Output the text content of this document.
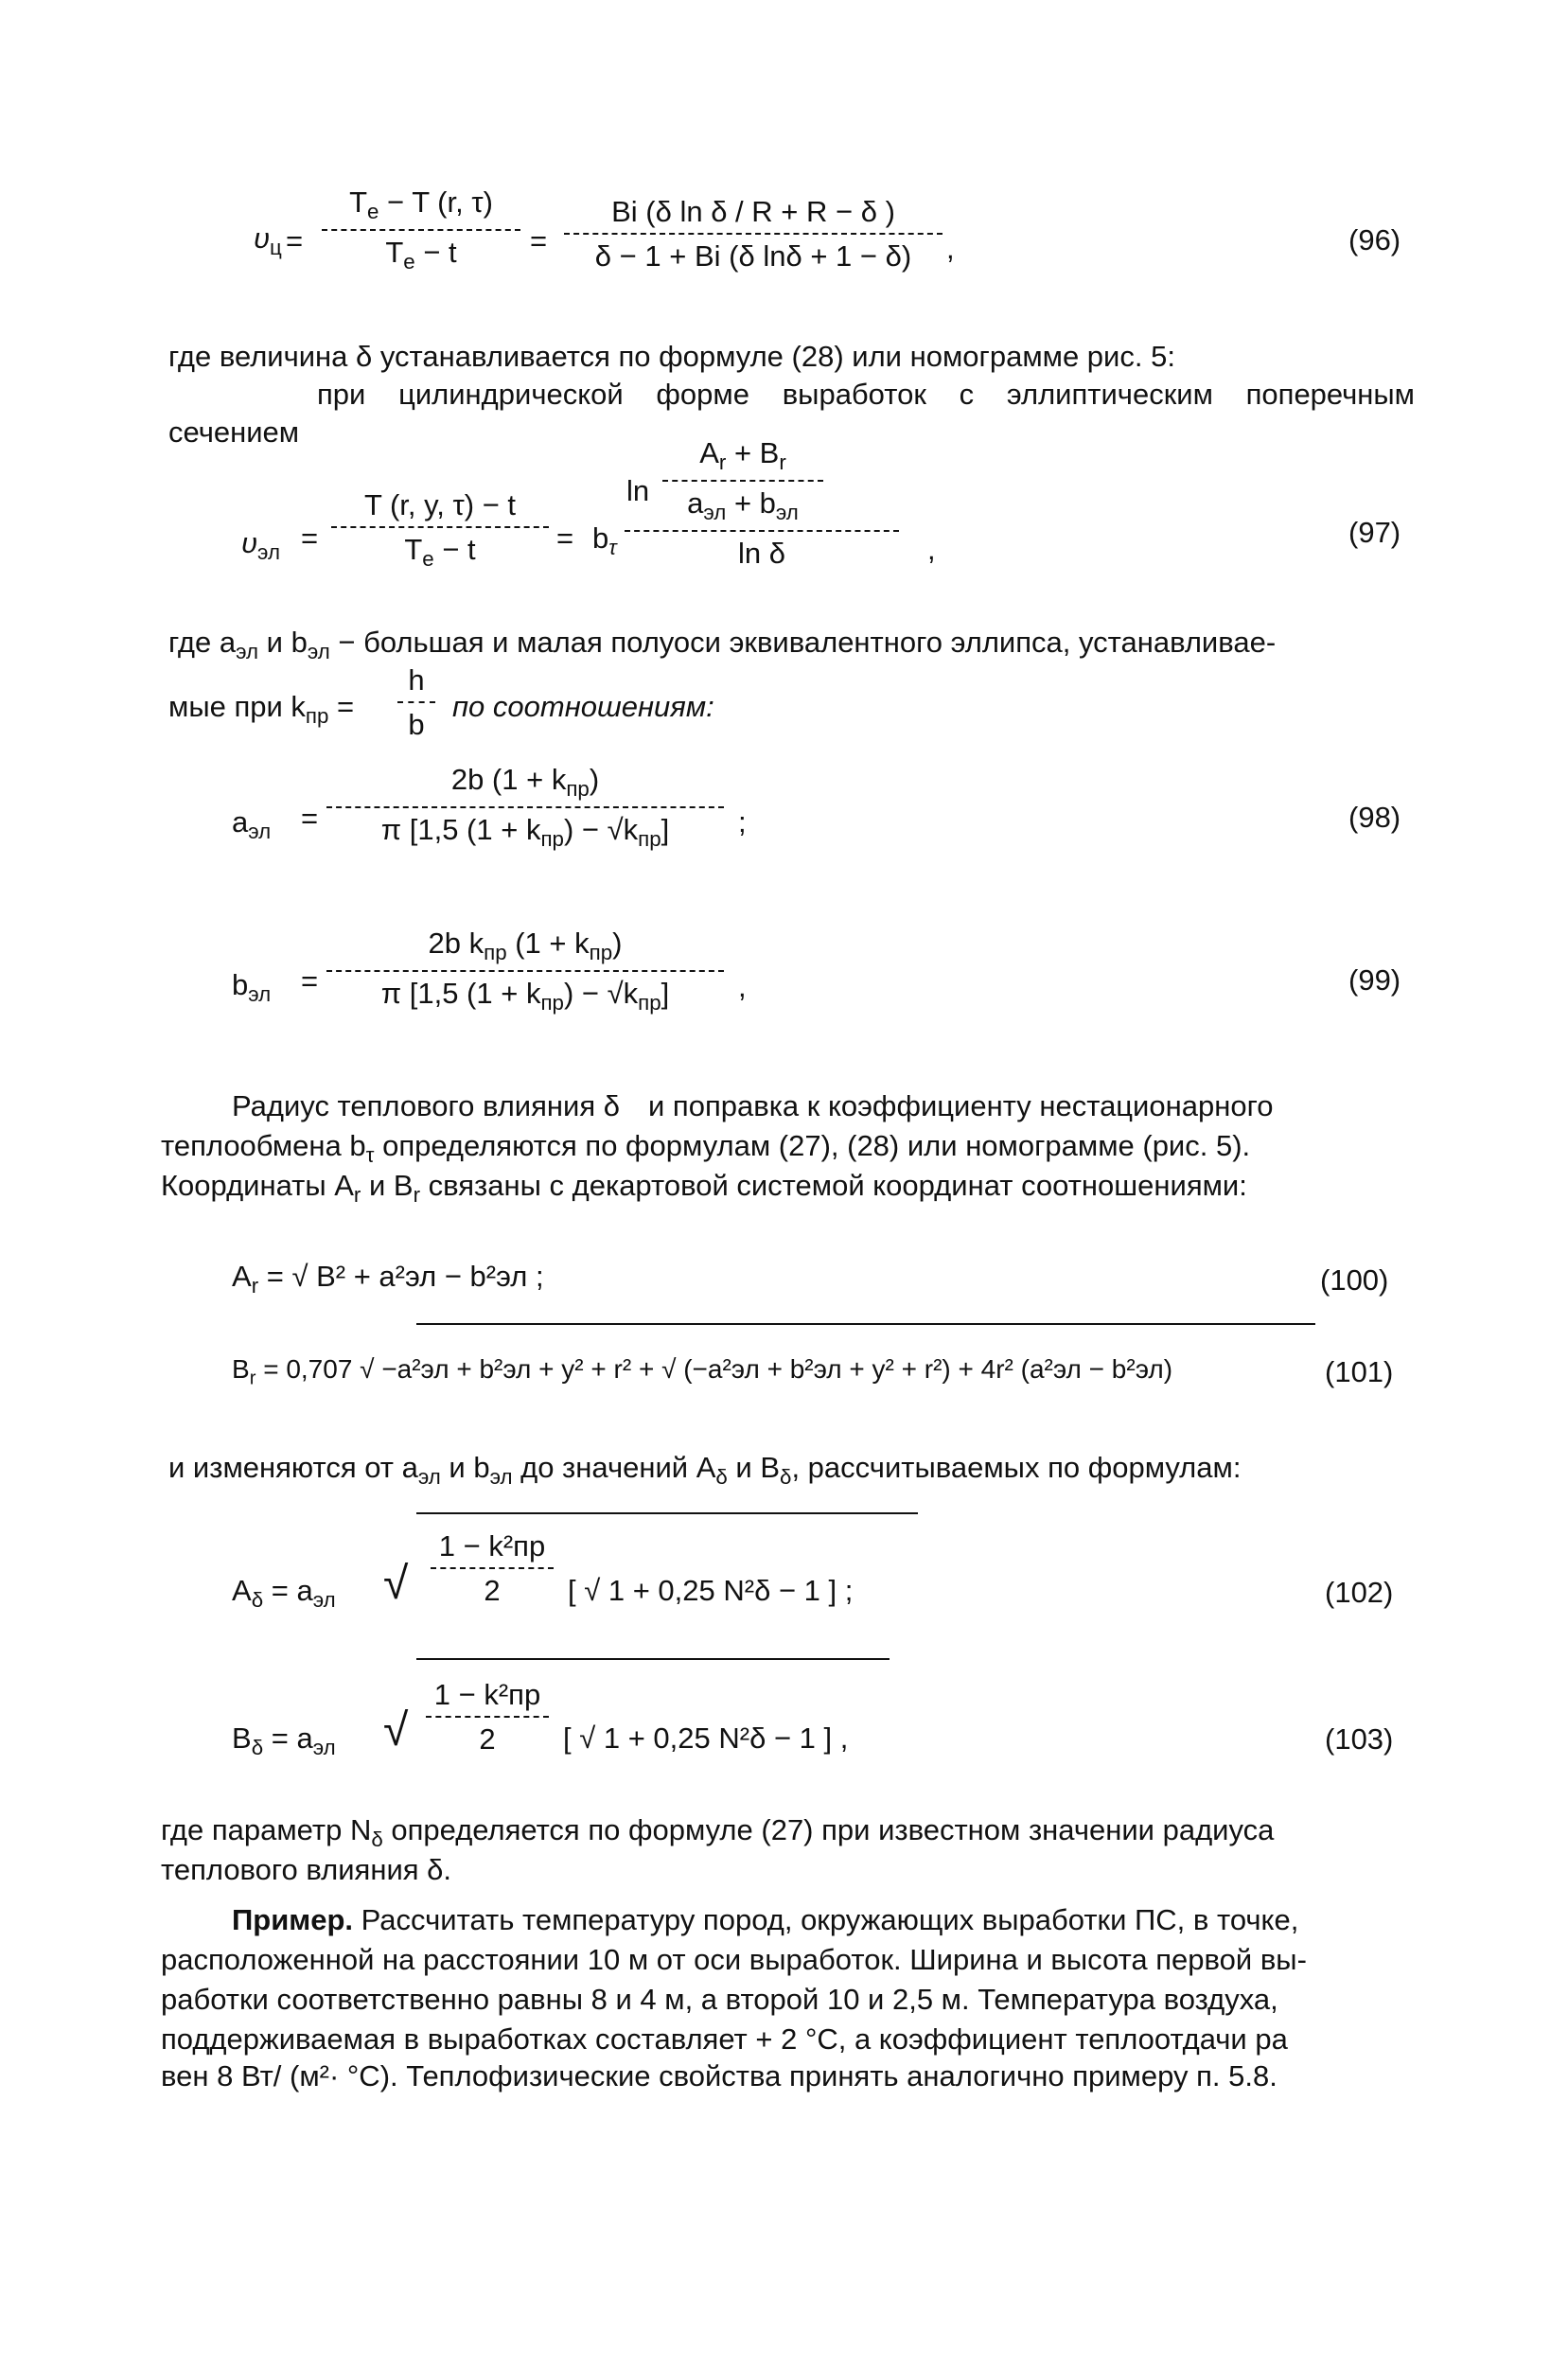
$\upsilon_ц$ =
$T_e - T$ (r, τ)
$T_e - t$ =
Bi (δ ln δ / R + R − δ )
δ − 1 + Bi (δ lnδ + 1 − δ) ,	(96)
где величина δ устанавливается по формуле (28) или номограмме рис. 5:
при цилиндрической форме выработок с эллиптическим поперечным
сечением
$\upsilon_{эл}$ =
T (r, y, τ) − t
$T_e - t$	= $b_\tau$
ln
$A_r + B_r$
$a_{эл} + b_{эл}$
ln δ	,
(97)
где $a_{эл}$ и $b_{эл}$ − большая и малая полуоси эквивалентного эллипса, устанавливае-
мые при $k_{пр}$ =
h
b
по соотношениям:
$a_{эл}$ =
2b $(1 + k_{пр})$
π [1,5 $(1 + k_{пр}) - √k_{пр}$] ;	(98)
$b_{эл}$ =
2b $k_{пр}$ $(1 + k_{пр})$
π [1,5 $(1 + k_{пр}) - √k_{пр}$] ,	(99)
Радиус теплового влияния δ и поправка к коэффициенту нестационарного
теплообмена $b_\tau$ определяются по формулам (27), (28) или номограмме (рис. 5).
Координаты $A_r$ и $B_r$ связаны с декартовой системой координат соотношениями:
$A_r$ = √ B² + a²эл − b²эл ;	(100)
$B_r = 0,707$ √ −a²эл + b²эл + y² + r² + √ (−a²эл + b²эл + y² + r²) + 4r² (a²эл − b²эл)	(101)
и изменяются от $a_{эл}$ и $b_{эл}$ до значений $A_\delta$ и $B_\delta$, рассчитываемых по формулам:
$A_\delta = a_{эл}$ √
1 − k²пр
2 [ √ 1 + 0,25 N²δ − 1 ] ;	(102)
$B_\delta = a_{эл}$ √
1 − k²пр
2 [ √ 1 + 0,25 N²δ − 1 ] ,	(103)
где параметр $N_\delta$ определяется по формуле (27) при известном значении радиуса
теплового влияния δ.
Пример. Рассчитать температуру пород, окружающих выработки ПС, в точке,
расположенной на расстоянии 10 м от оси выработок. Ширина и высота первой вы-
работки соответственно равны 8 и 4 м, а второй 10 и 2,5 м. Температура воздуха,
поддерживаемая в выработках составляет + 2 °С, а коэффициент теплоотдачи ра
вен 8 Вт/ (м²· °С). Теплофизические свойства принять аналогично примеру п. 5.8.
